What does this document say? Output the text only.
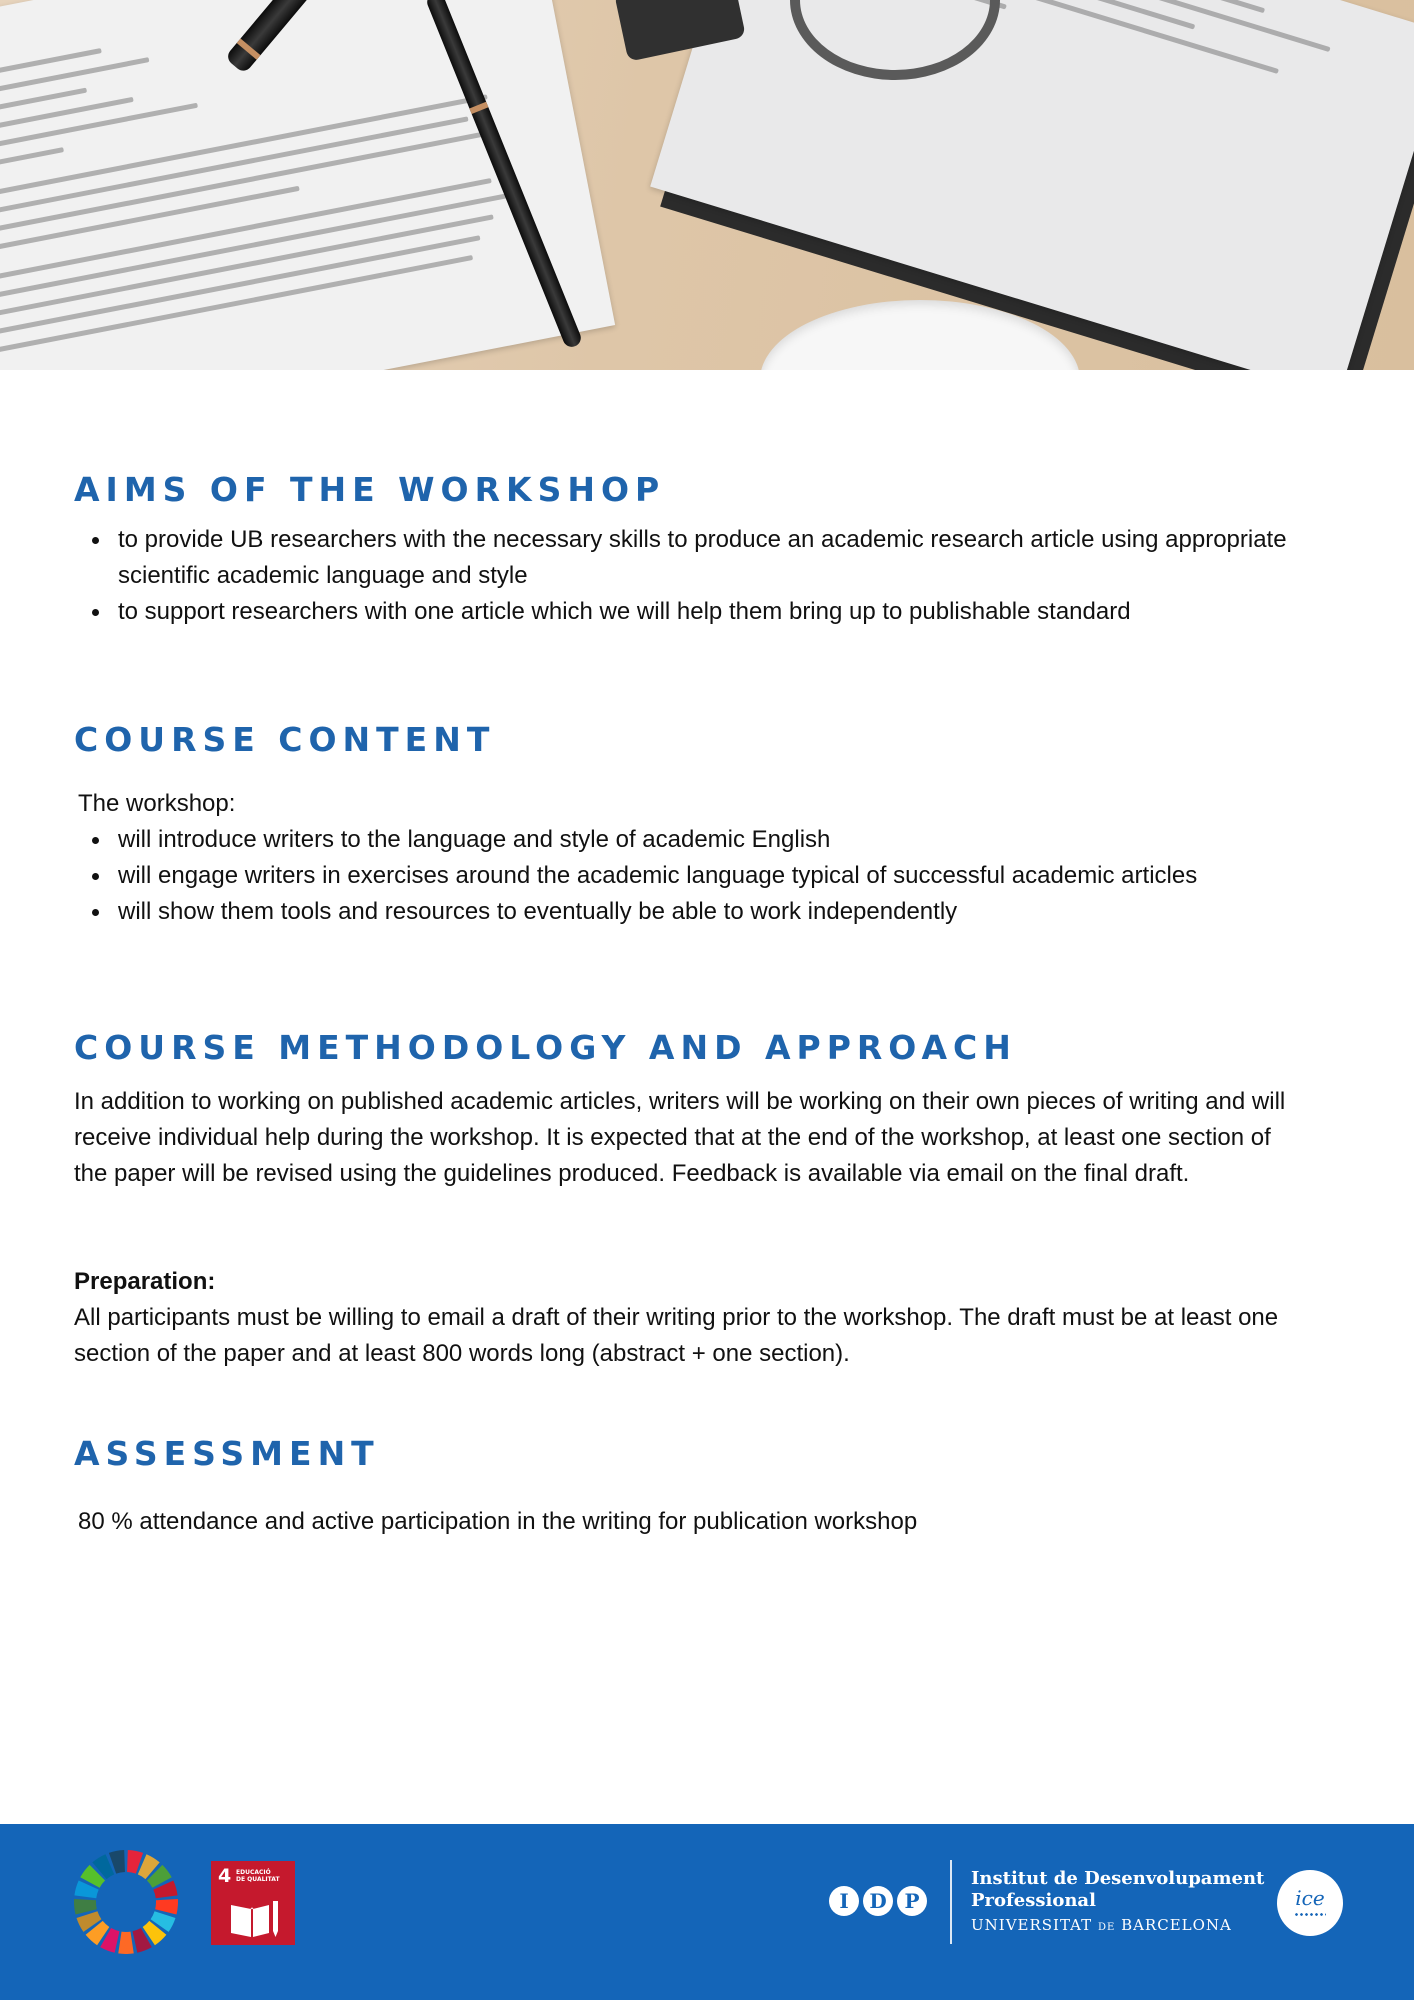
AIMS OF THE WORKSHOP
to provide UB researchers with the necessary skills to produce an academic research article using appropriate scientific academic language and style
to support researchers with one article which we will help them bring up to publishable standard
COURSE CONTENT

The workshop:

will introduce writers to the language and style of academic English
will engage writers in exercises around the academic language typical of successful academic articles
will show them tools and resources to eventually be able to work independently
COURSE METHODOLOGY AND APPROACH

In addition to working on published academic articles, writers will be working on their own pieces of writing and will receive individual help during the workshop. It is expected that at the end of the workshop, at least one section of the paper will be revised using the guidelines produced. Feedback is available via email on the final draft.

Preparation:

All participants must be willing to email a draft of their writing prior to the workshop. The draft must be at least one section of the paper and at least 800 words long (abstract + one section).

ASSESSMENT

80 % attendance and active participation in the writing for publication workshop

4 EDUCACIÓ
DE QUALITAT
I D P
Institut de Desenvolupament
Professional
UNIVERSITAT DE BARCELONA
ice
